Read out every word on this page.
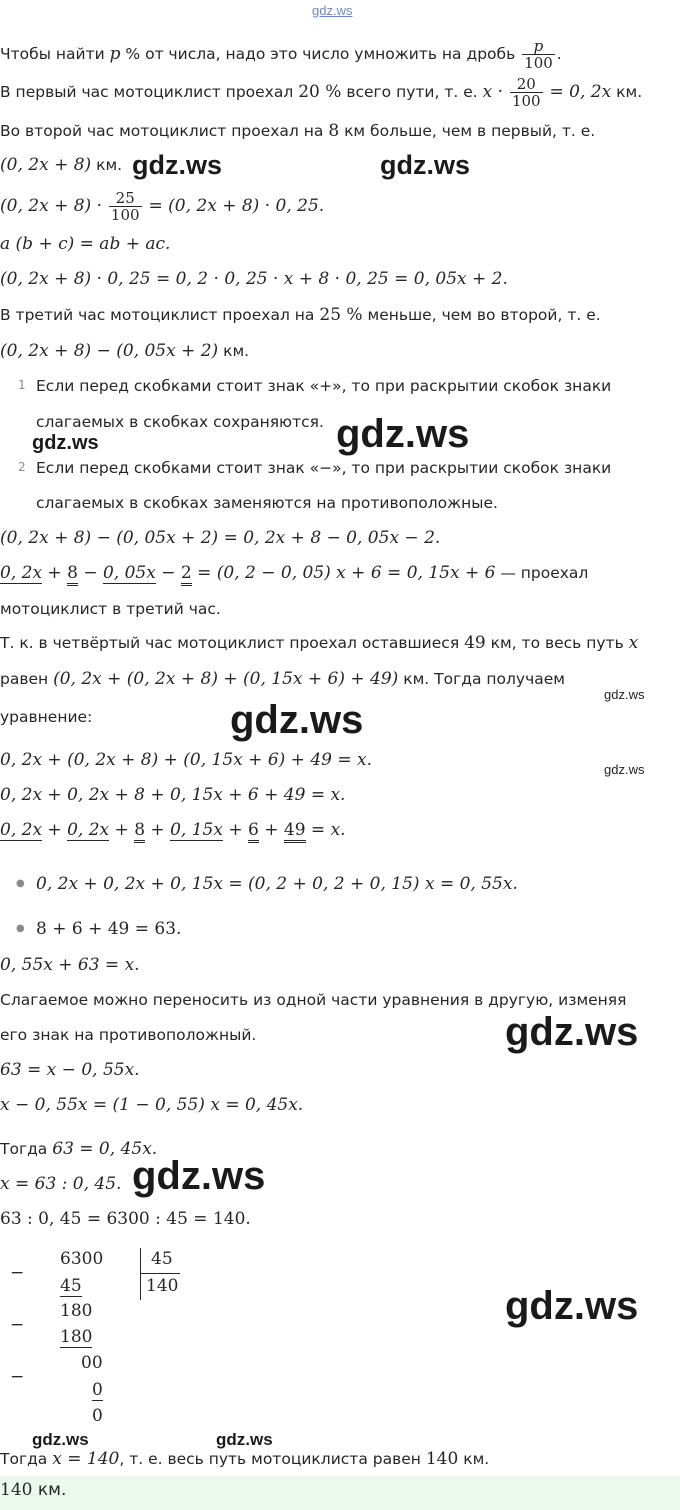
gdz.ws
Чтобы найти p % от числа, надо это число умножить на дробь $\frac{p}{100}$ .
В первый час мотоциклист проехал 20 % всего пути, т. е. $x \cdot \frac{20}{100} = 0$, 2x км.
Во второй час мотоциклист проехал на 8 км больше, чем в первый, т. е.
(0, 2x + 8) км. gdz.ws	gdz.ws
(0, $2x + 8) \cdot \frac{25}{100} = (0$, 2x + 8) · 0, 25.
a (b + c) = ab + ac.
(0, 2x + 8) · 0, 25 = 0, 2 · 0, 25 · x + 8 · 0, 25 = 0, 05x + 2.
В третий час мотоциклист проехал на 25 % меньше, чем во второй, т. е.
(0, 2x + 8) − (0, 05x + 2) км.
1 Если перед скобками стоит знак «+», то при раскрытии скобок знаки
слагаемых в скобках сохраняются.
gdz.ws	gdz.ws
2 Если перед скобками стоит знак «−», то при раскрытии скобок знаки
слагаемых в скобках заменяются на противоположные.
(0, 2x + 8) − (0, 05x + 2) = 0, 2x + 8 − 0, 05x − 2.
0, 2x + 8 − 0, 05x − 2 = (0, 2 − 0, 05) x + 6 = 0, 15x + 6 — проехал
мотоциклист в третий час.
Т. к. в четвёртый час мотоциклист проехал оставшиеся 49 км, то весь путь x
равен (0, 2x + (0, 2x + 8) + (0, 15x + 6) + 49) км. Тогда получаем
gdz.ws
уравнение:	gdz.ws
0, 2x + (0, 2x + 8) + (0, 15x + 6) + 49 = x.	gdz.ws
0, 2x + 0, 2x + 8 + 0, 15x + 6 + 49 = x.
0, 2x + 0, 2x + 8 + 0, 15x + 6 + 49 = x.
● 0, 2x + 0, 2x + 0, 15x = (0, 2 + 0, 2 + 0, 15) x = 0, 55x.
● 8 + 6 + 49 = 63.
0, 55x + 63 = x.
Слагаемое можно переносить из одной части уравнения в другую, изменяя
его знак на противоположный.	gdz.ws
63 = x − 0, 55x.
x − 0, 55x = (1 − 0, 55) x = 0, 45x.
Тогда 63 = 0, 45x.
x = 63 : 0, 45. gdz.ws
63 : 0, 45 = 6300 : 45 = 140.
−
6300	45
45	140
−
180
180
−
00
0
0
gdz.ws
gdz.ws	gdz.ws
Тогда x = 140, т. е. весь путь мотоциклиста равен 140 км.
140 км.
